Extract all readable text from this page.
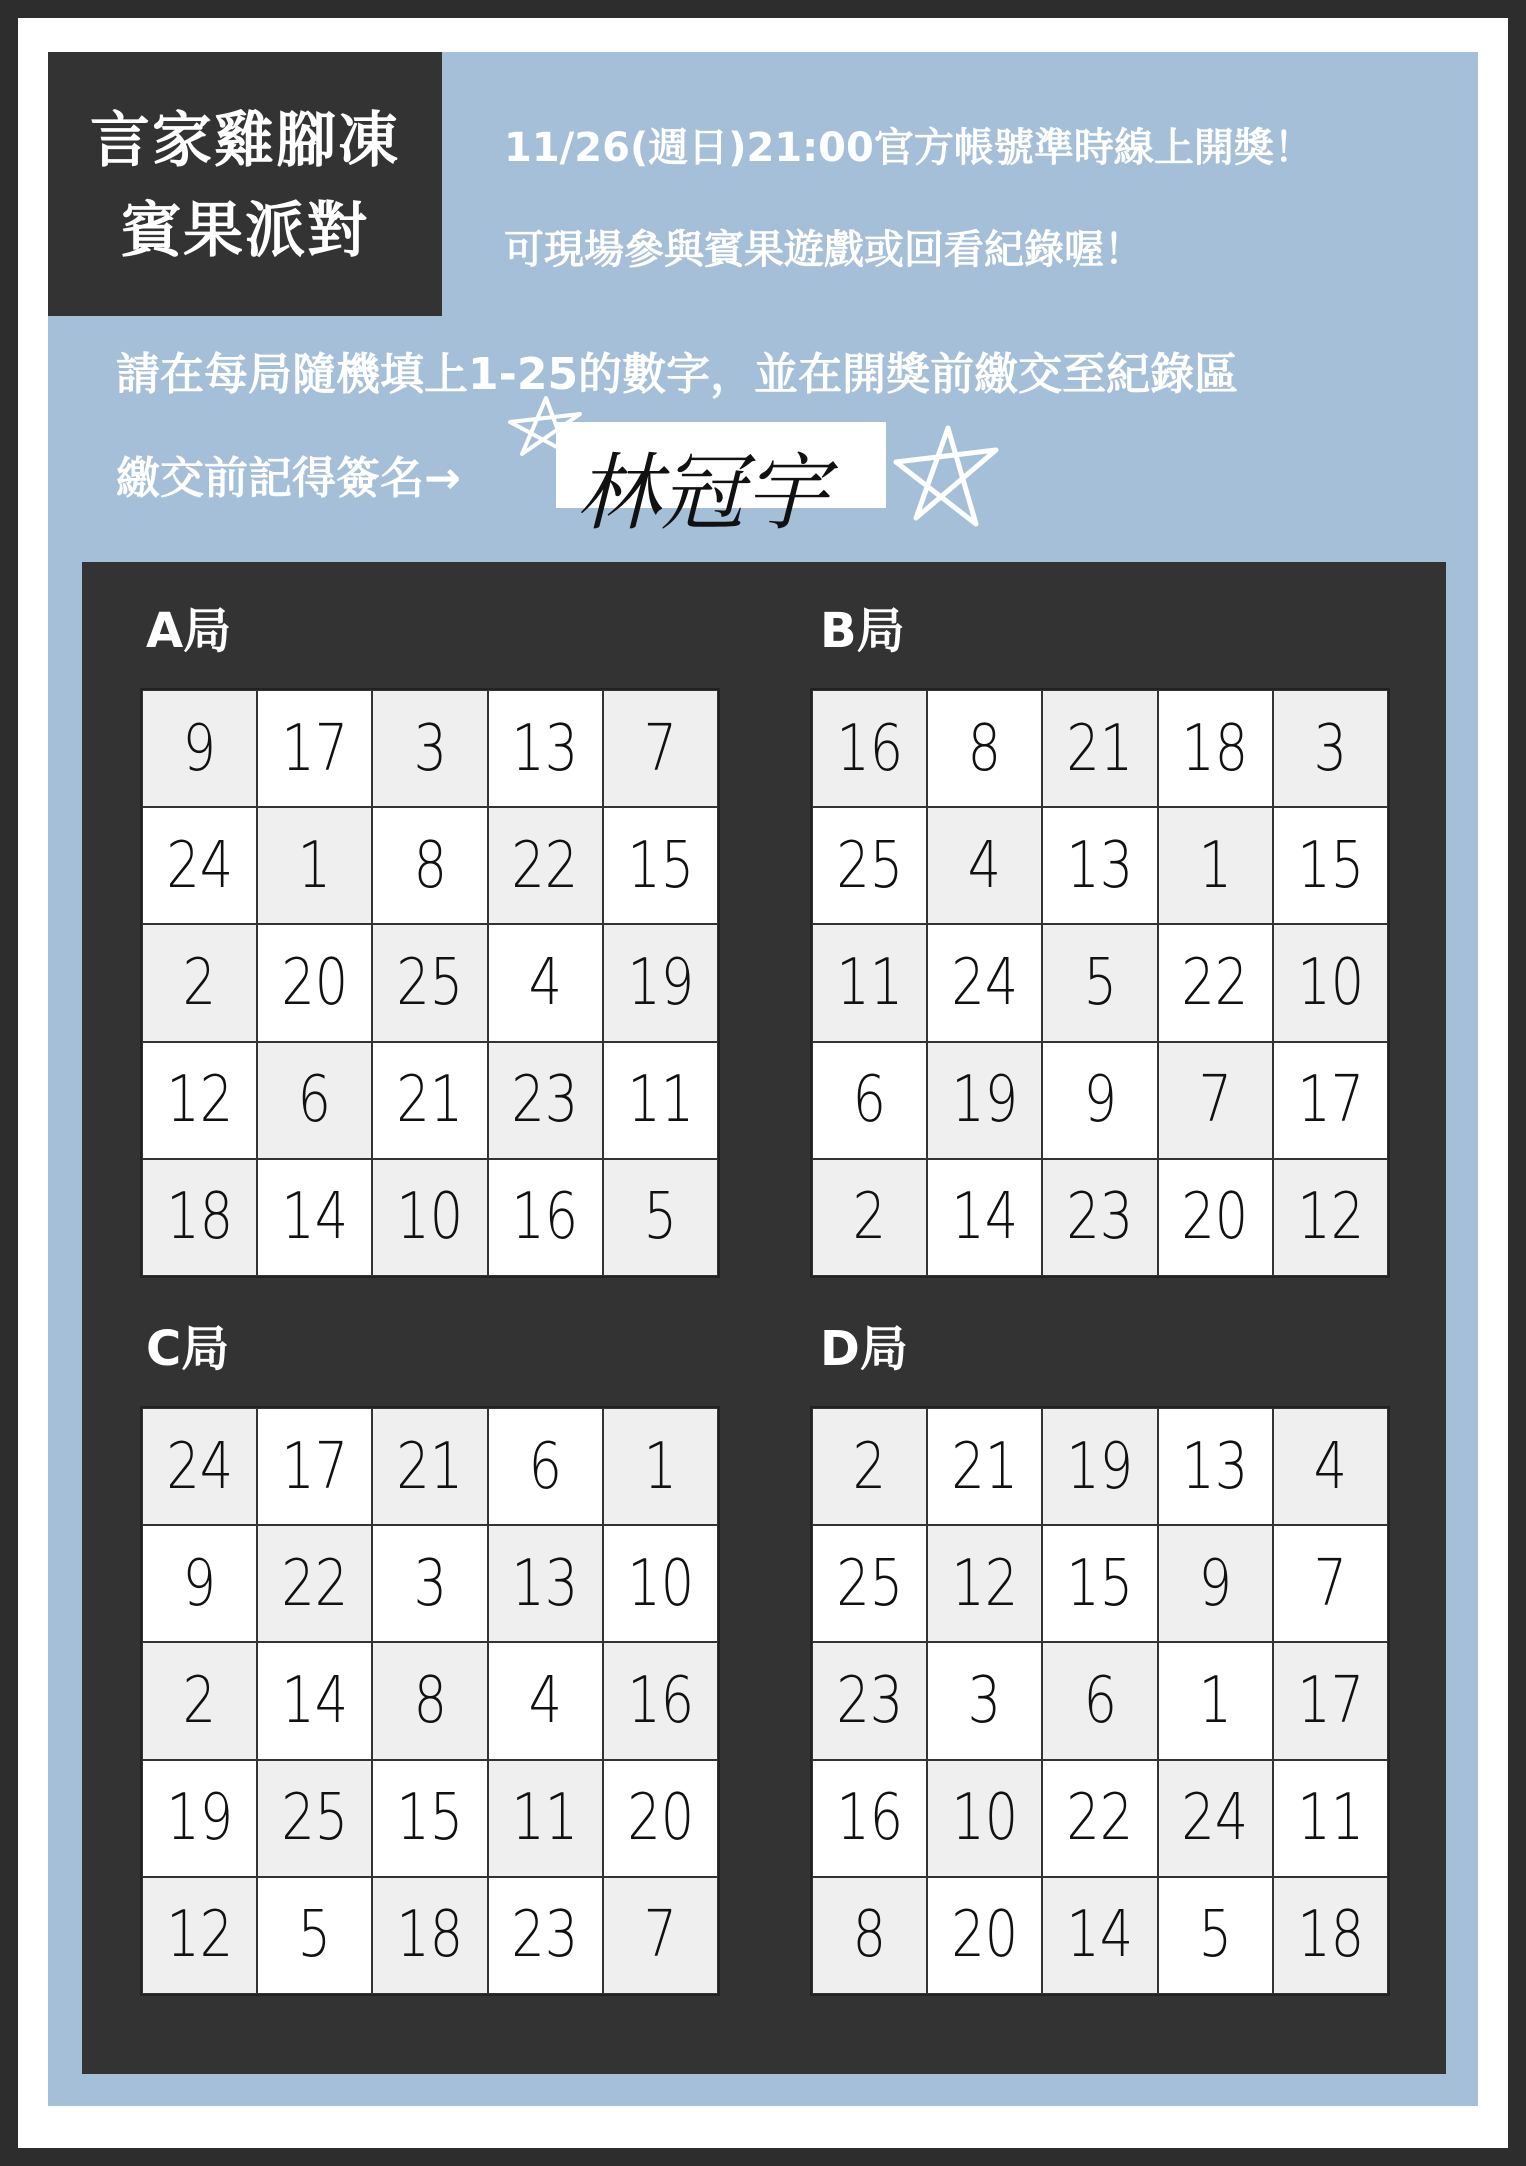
言家雞腳凍
賓果派對
11/26(週日)21:00官方帳號準時線上開獎！
可現場參與賓果遊戲或回看紀錄喔！
請在每局隨機填上1-25的數字，並在開獎前繳交至紀錄區
繳交前記得簽名→ 林冠宇
A局	B局
C局	D局
9 17 3 13 7
24 1 8 22 15
2 20 25 4 19
12 6 21 23 11
18 14 10 16 5
16 8 21 18 3
25 4 13 1 15
11 24 5 22 10
6 19 9 7 17
2 14 23 20 12
24 17 21 6 1
9 22 3 13 10
2 14 8 4 16
19 25 15 11 20
12 5 18 23 7
2 21 19 13 4
25 12 15 9 7
23 3 6 1 17
16 10 22 24 11
8 20 14 5 18
